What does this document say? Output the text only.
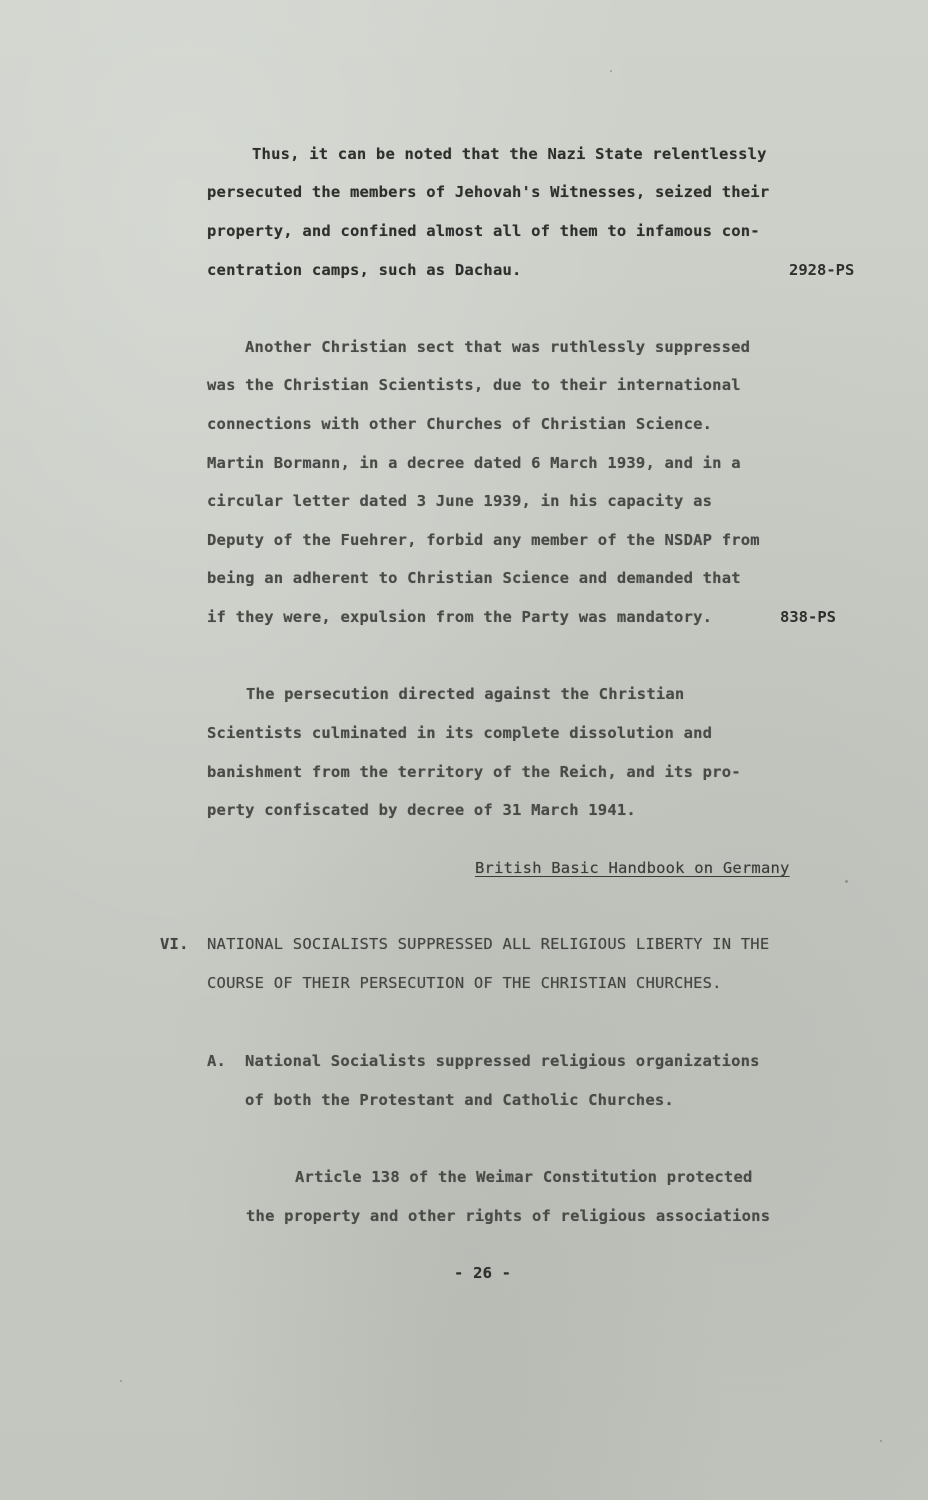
Thus, it can be noted that the Nazi State relentlessly
persecuted the members of Jehovah's Witnesses, seized their
property, and confined almost all of them to infamous con-
centration camps, such as Dachau.	2928-PS
Another Christian sect that was ruthlessly suppressed
was the Christian Scientists, due to their international
connections with other Churches of Christian Science.
Martin Bormann, in a decree dated 6 March 1939, and in a
circular letter dated 3 June 1939, in his capacity as
Deputy of the Fuehrer, forbid any member of the NSDAP from
being an adherent to Christian Science and demanded that
if they were, expulsion from the Party was mandatory.	838-PS
The persecution directed against the Christian
Scientists culminated in its complete dissolution and
banishment from the territory of the Reich, and its pro-
perty confiscated by decree of 31 March 1941.
British Basic Handbook on Germany
VI. NATIONAL SOCIALISTS SUPPRESSED ALL RELIGIOUS LIBERTY IN THE
COURSE OF THEIR PERSECUTION OF THE CHRISTIAN CHURCHES.
A. National Socialists suppressed religious organizations
of both the Protestant and Catholic Churches.
Article 138 of the Weimar Constitution protected
the property and other rights of religious associations
- 26 -
